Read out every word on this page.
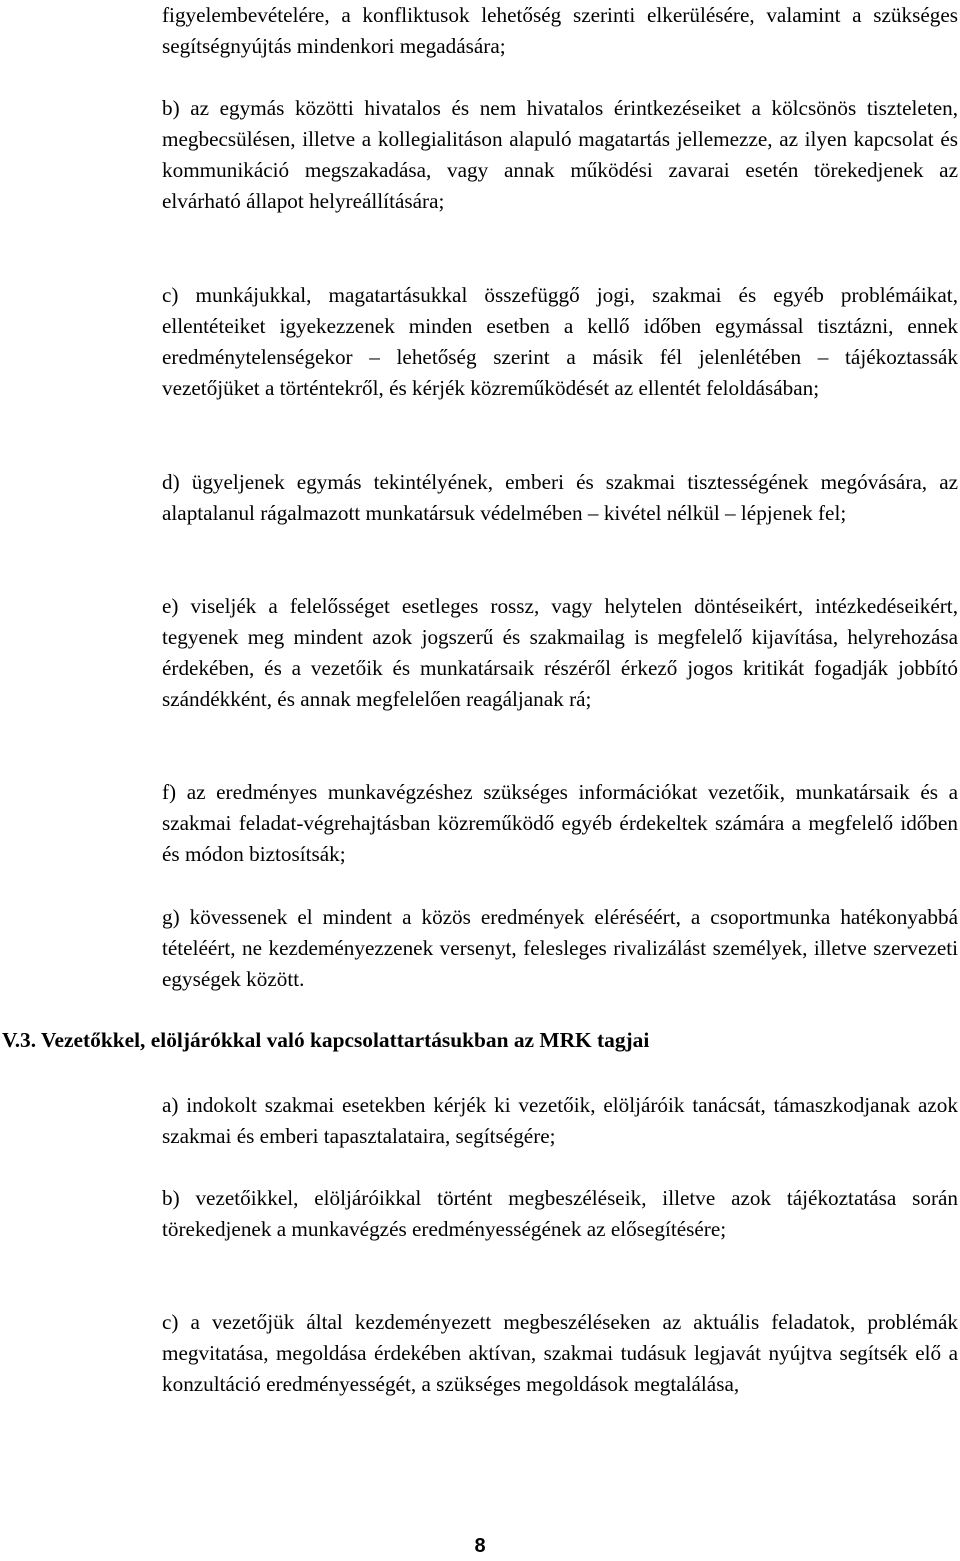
figyelembevételére, a konfliktusok lehetőség szerinti elkerülésére, valamint a szükséges segítségnyújtás mindenkori megadására;

b) az egymás közötti hivatalos és nem hivatalos érintkezéseiket a kölcsönös tiszteleten, megbecsülésen, illetve a kollegialitáson alapuló magatartás jellemezze, az ilyen kapcsolat és kommunikáció megszakadása, vagy annak működési zavarai esetén törekedjenek az elvárható állapot helyreállítására;

c) munkájukkal, magatartásukkal összefüggő jogi, szakmai és egyéb problémáikat, ellentéteiket igyekezzenek minden esetben a kellő időben egymással tisztázni, ennek eredménytelenségekor – lehetőség szerint a másik fél jelenlétében – tájékoztassák vezetőjüket a történtekről, és kérjék közreműködését az ellentét feloldásában;

d) ügyeljenek egymás tekintélyének, emberi és szakmai tisztességének megóvására, az alaptalanul rágalmazott munkatársuk védelmében – kivétel nélkül – lépjenek fel;

e) viseljék a felelősséget esetleges rossz, vagy helytelen döntéseikért, intézkedéseikért, tegyenek meg mindent azok jogszerű és szakmailag is megfelelő kijavítása, helyrehozása érdekében, és a vezetőik és munkatársaik részéről érkező jogos kritikát fogadják jobbító szándékként, és annak megfelelően reagáljanak rá;

f) az eredményes munkavégzéshez szükséges információkat vezetőik, munkatársaik és a szakmai feladat-végrehajtásban közreműködő egyéb érdekeltek számára a megfelelő időben és módon biztosítsák;

g) kövessenek el mindent a közös eredmények eléréséért, a csoportmunka hatékonyabbá tételéért, ne kezdeményezzenek versenyt, felesleges rivalizálást személyek, illetve szervezeti egységek között.

V.3. Vezetőkkel, elöljárókkal való kapcsolattartásukban az MRK tagjai

a) indokolt szakmai esetekben kérjék ki vezetőik, elöljáróik tanácsát, támaszkodjanak azok szakmai és emberi tapasztalataira, segítségére;

b) vezetőikkel, elöljáróikkal történt megbeszéléseik, illetve azok tájékoztatása során törekedjenek a munkavégzés eredményességének az elősegítésére;

c) a vezetőjük által kezdeményezett megbeszéléseken az aktuális feladatok, problémák megvitatása, megoldása érdekében aktívan, szakmai tudásuk legjavát nyújtva segítsék elő a konzultáció eredményességét, a szükséges megoldások megtalálása,

8
